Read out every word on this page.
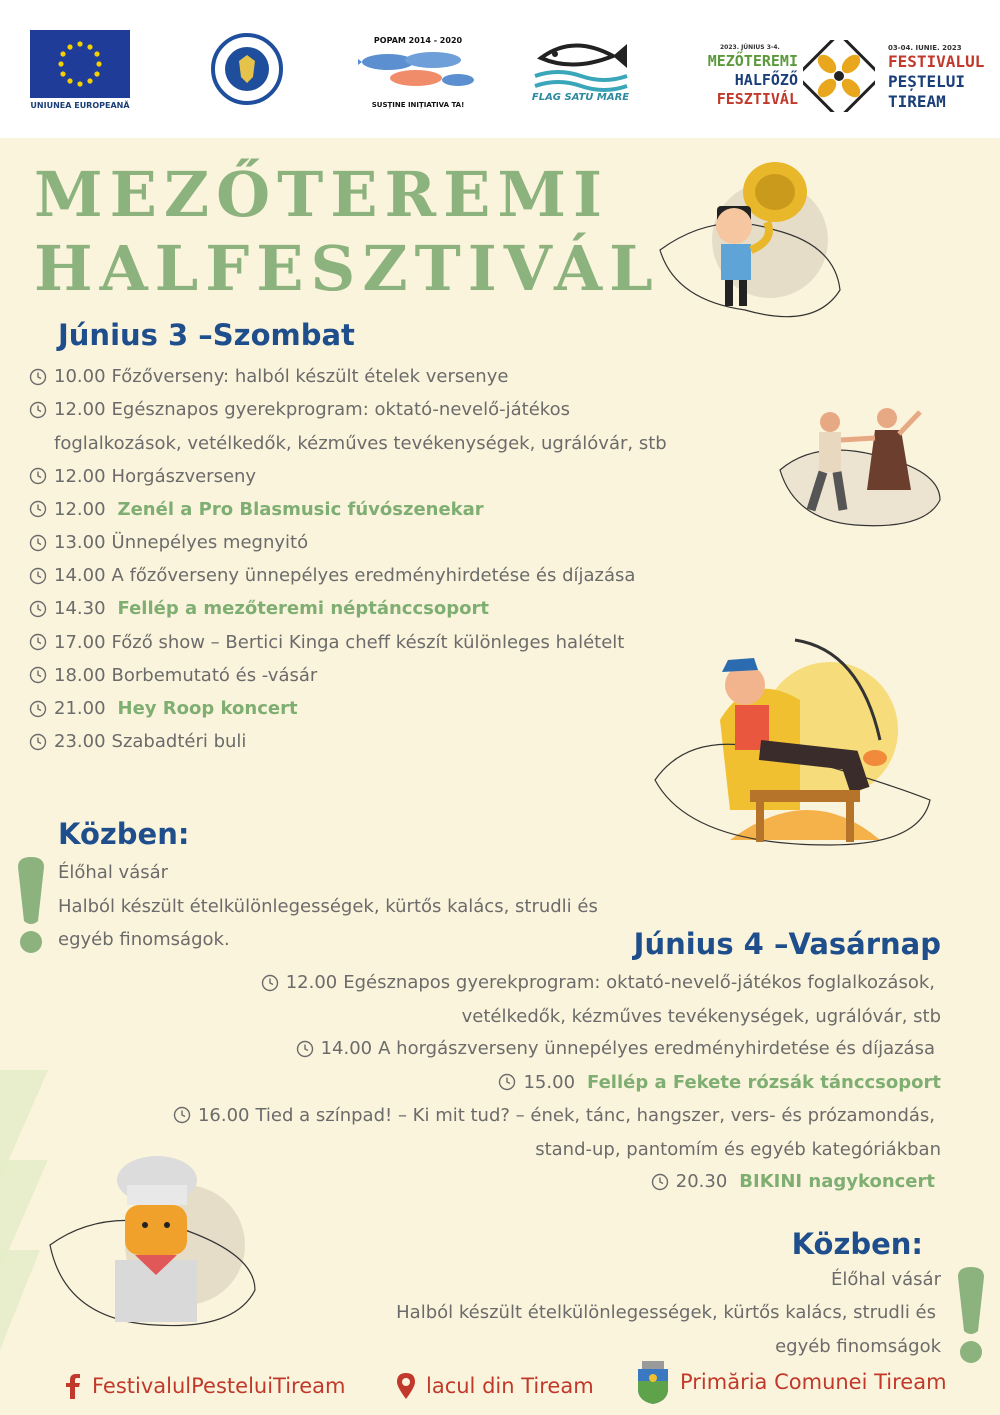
UNIUNEA EUROPEANĂ
POPAM 2014 - 2020
SUSȚINE INIȚIATIVA TA!
FLAG SATU MARE
2023. JÚNIUS 3-4.
MEZŐTEREMI
HALFŐZŐ
FESZTIVÁL
03-04. IUNIE. 2023
FESTIVALUL
PEȘTELUI
TIREAM
MEZŐTEREMI
HALFESZTIVÁL
Június 3 –Szombat
10.00 Főzőverseny: halból készült ételek versenye
12.00 Egésznapos gyerekprogram: oktató-nevelő-játékos
foglalkozások, vetélkedők, kézműves tevékenységek, ugrálóvár, stb
12.00 Horgászverseny
12.00 Zenél a Pro Blasmusic fúvószenekar
13.00 Ünnepélyes megnyitó
14.00 A főzőverseny ünnepélyes eredményhirdetése és díjazása
14.30 Fellép a mezőteremi néptánccsoport
17.00 Főző show – Bertici Kinga cheff készít különleges halételt
18.00 Borbemutató és -vásár
21.00 Hey Roop koncert
23.00 Szabadtéri buli
Közben:
Élőhal vásár
Halból készült ételkülönlegességek, kürtős kalács, strudli és
egyéb finomságok.	Június 4 –Vasárnap
12.00 Egésznapos gyerekprogram: oktató-nevelő-játékos foglalkozások,
vetélkedők, kézműves tevékenységek, ugrálóvár, stb
14.00 A horgászverseny ünnepélyes eredményhirdetése és díjazása
15.00 Fellép a Fekete rózsák tánccsoport
16.00 Tied a színpad! – Ki mit tud? – ének, tánc, hangszer, vers- és prózamondás,
stand-up, pantomím és egyéb kategóriákban
20.30 BIKINI nagykoncert
Közben:
Élőhal vásár
Halból készült ételkülönlegességek, kürtős kalács, strudli és
egyéb finomságok
FestivalulPesteluiTiream	lacul din Tiream	Primăria Comunei Tiream
